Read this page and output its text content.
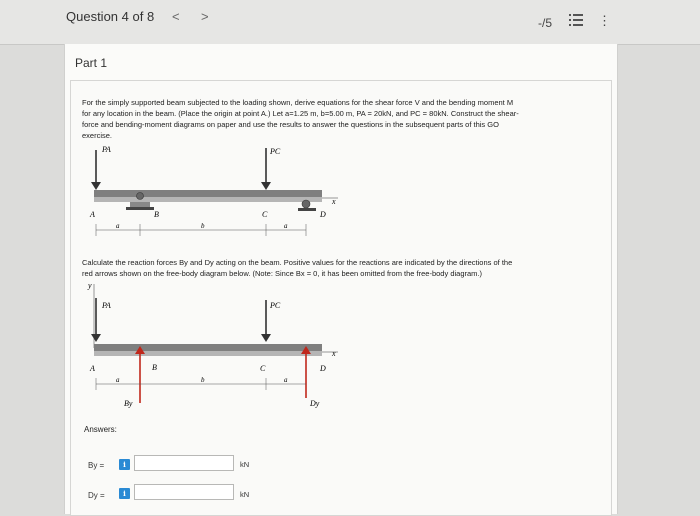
Question 4 of 8 < >	-/5	⋮
Part 1
For the simply supported beam subjected to the loading shown, derive equations for the shear force V and the bending moment M
for any location in the beam. (Place the origin at point A.) Let a=1.25 m, b=5.00 m, PA = 20kN, and PC = 80kN. Construct the shear-
force and bending-moment diagrams on paper and use the results to answer the questions in the subsequent parts of this GO
exercise.
PA	PC
x
A	B	C	D
a	b	a
Calculate the reaction forces By and Dy acting on the beam. Positive values for the reactions are indicated by the directions of the
red arrows shown on the free-body diagram below. (Note: Since Bx = 0, it has been omitted from the free-body diagram.)
y
PA	PC
x
A	B	C	D
a	b	a
By	Dy
Answers:
By =	i	kN
Dy =	i	kN
